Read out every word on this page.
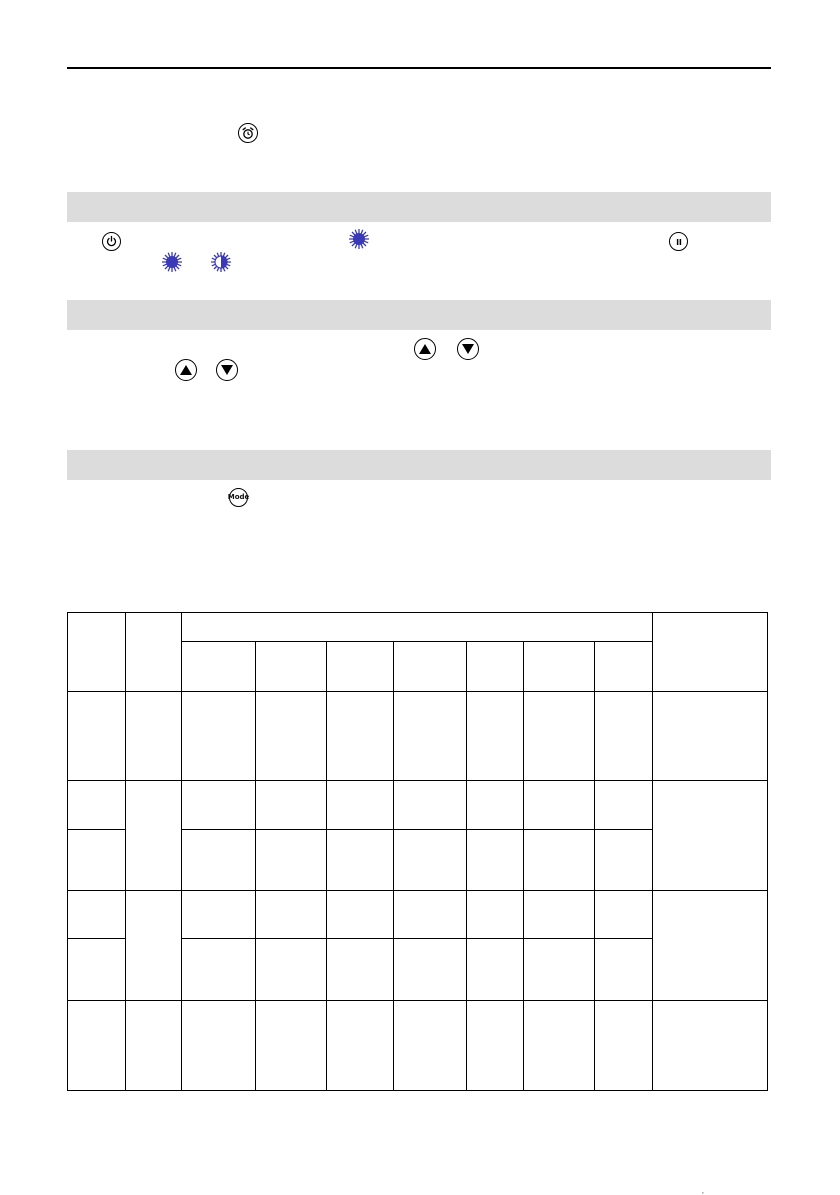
Mode

‚
